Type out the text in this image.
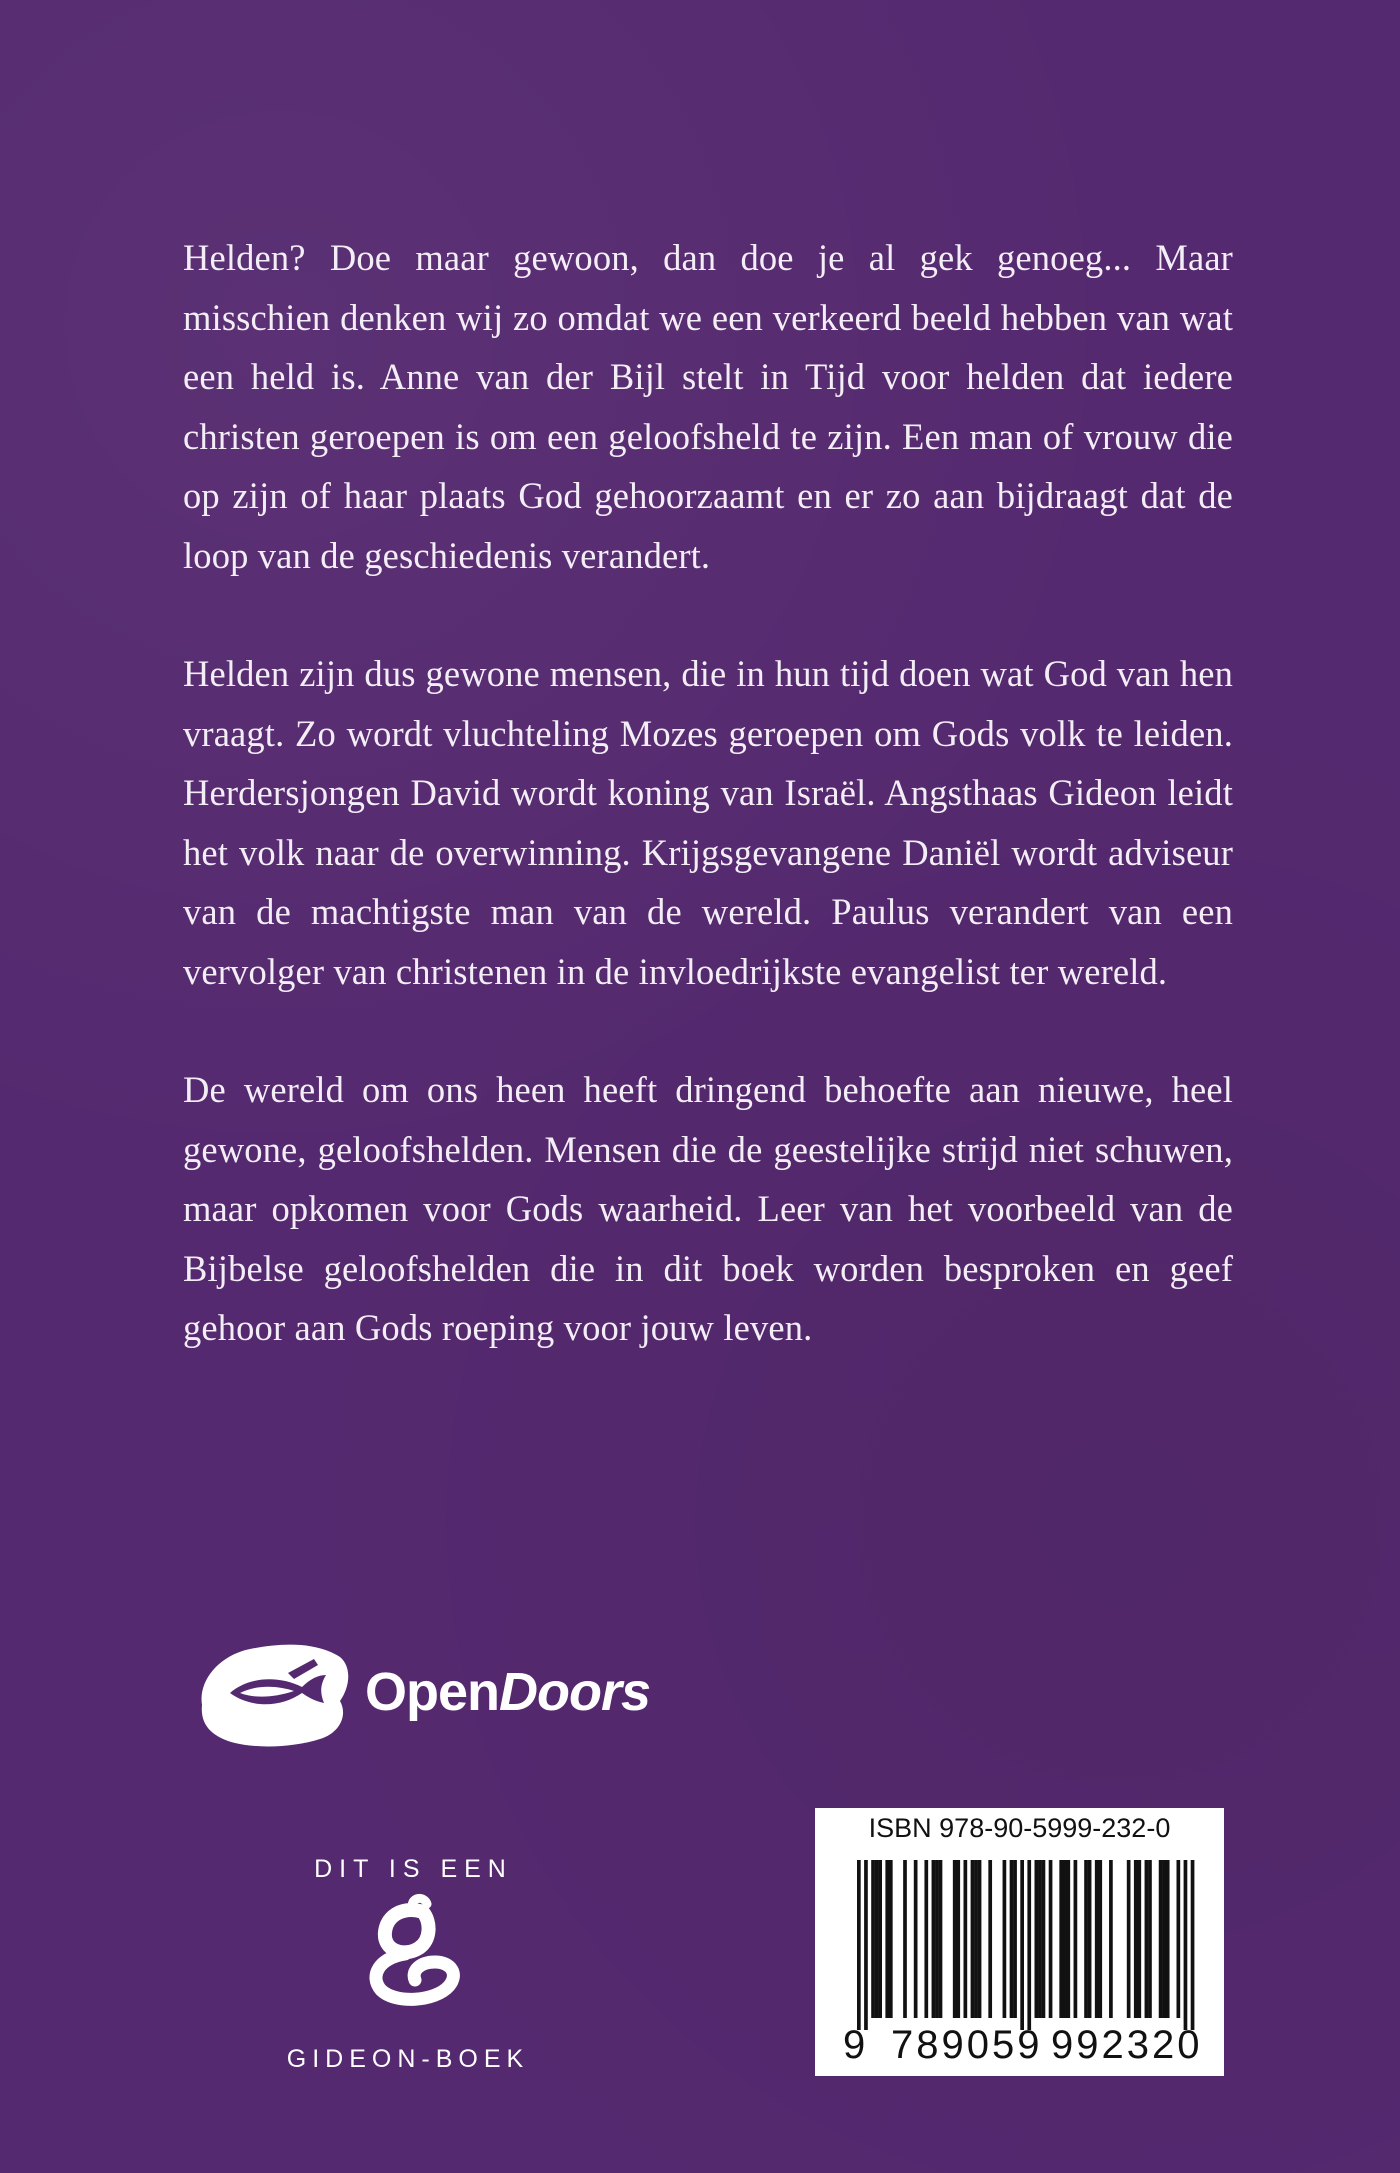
Helden? Doe maar gewoon, dan doe je al gek genoeg... Maar misschien denken wij zo omdat we een verkeerd beeld hebben van wat een held is. Anne van der Bijl stelt in Tijd voor helden dat iedere christen geroepen is om een geloofsheld te zijn. Een man of vrouw die op zijn of haar plaats God gehoorzaamt en er zo aan bijdraagt dat de loop van de geschiedenis verandert.

Helden zijn dus gewone mensen, die in hun tijd doen wat God van hen vraagt. Zo wordt vluchteling Mozes geroepen om Gods volk te leiden. Herdersjongen David wordt koning van Israël. Angsthaas Gideon leidt het volk naar de overwinning. Krijgsgevangene Daniël wordt adviseur van de machtigste man van de wereld. Paulus verandert van een vervolger van christenen in de invloedrijkste evangelist ter wereld.

De wereld om ons heen heeft dringend behoefte aan nieuwe, heel gewone, geloofshelden. Mensen die de geestelijke strijd niet schuwen, maar opkomen voor Gods waarheid. Leer van het voorbeeld van de Bijbelse geloofshelden die in dit boek worden besproken en geef gehoor aan Gods roeping voor jouw leven.

OpenDoors
DIT IS EEN
GIDEON-BOEK
ISBN 978-90-5999-232-0
9 789059 992320
